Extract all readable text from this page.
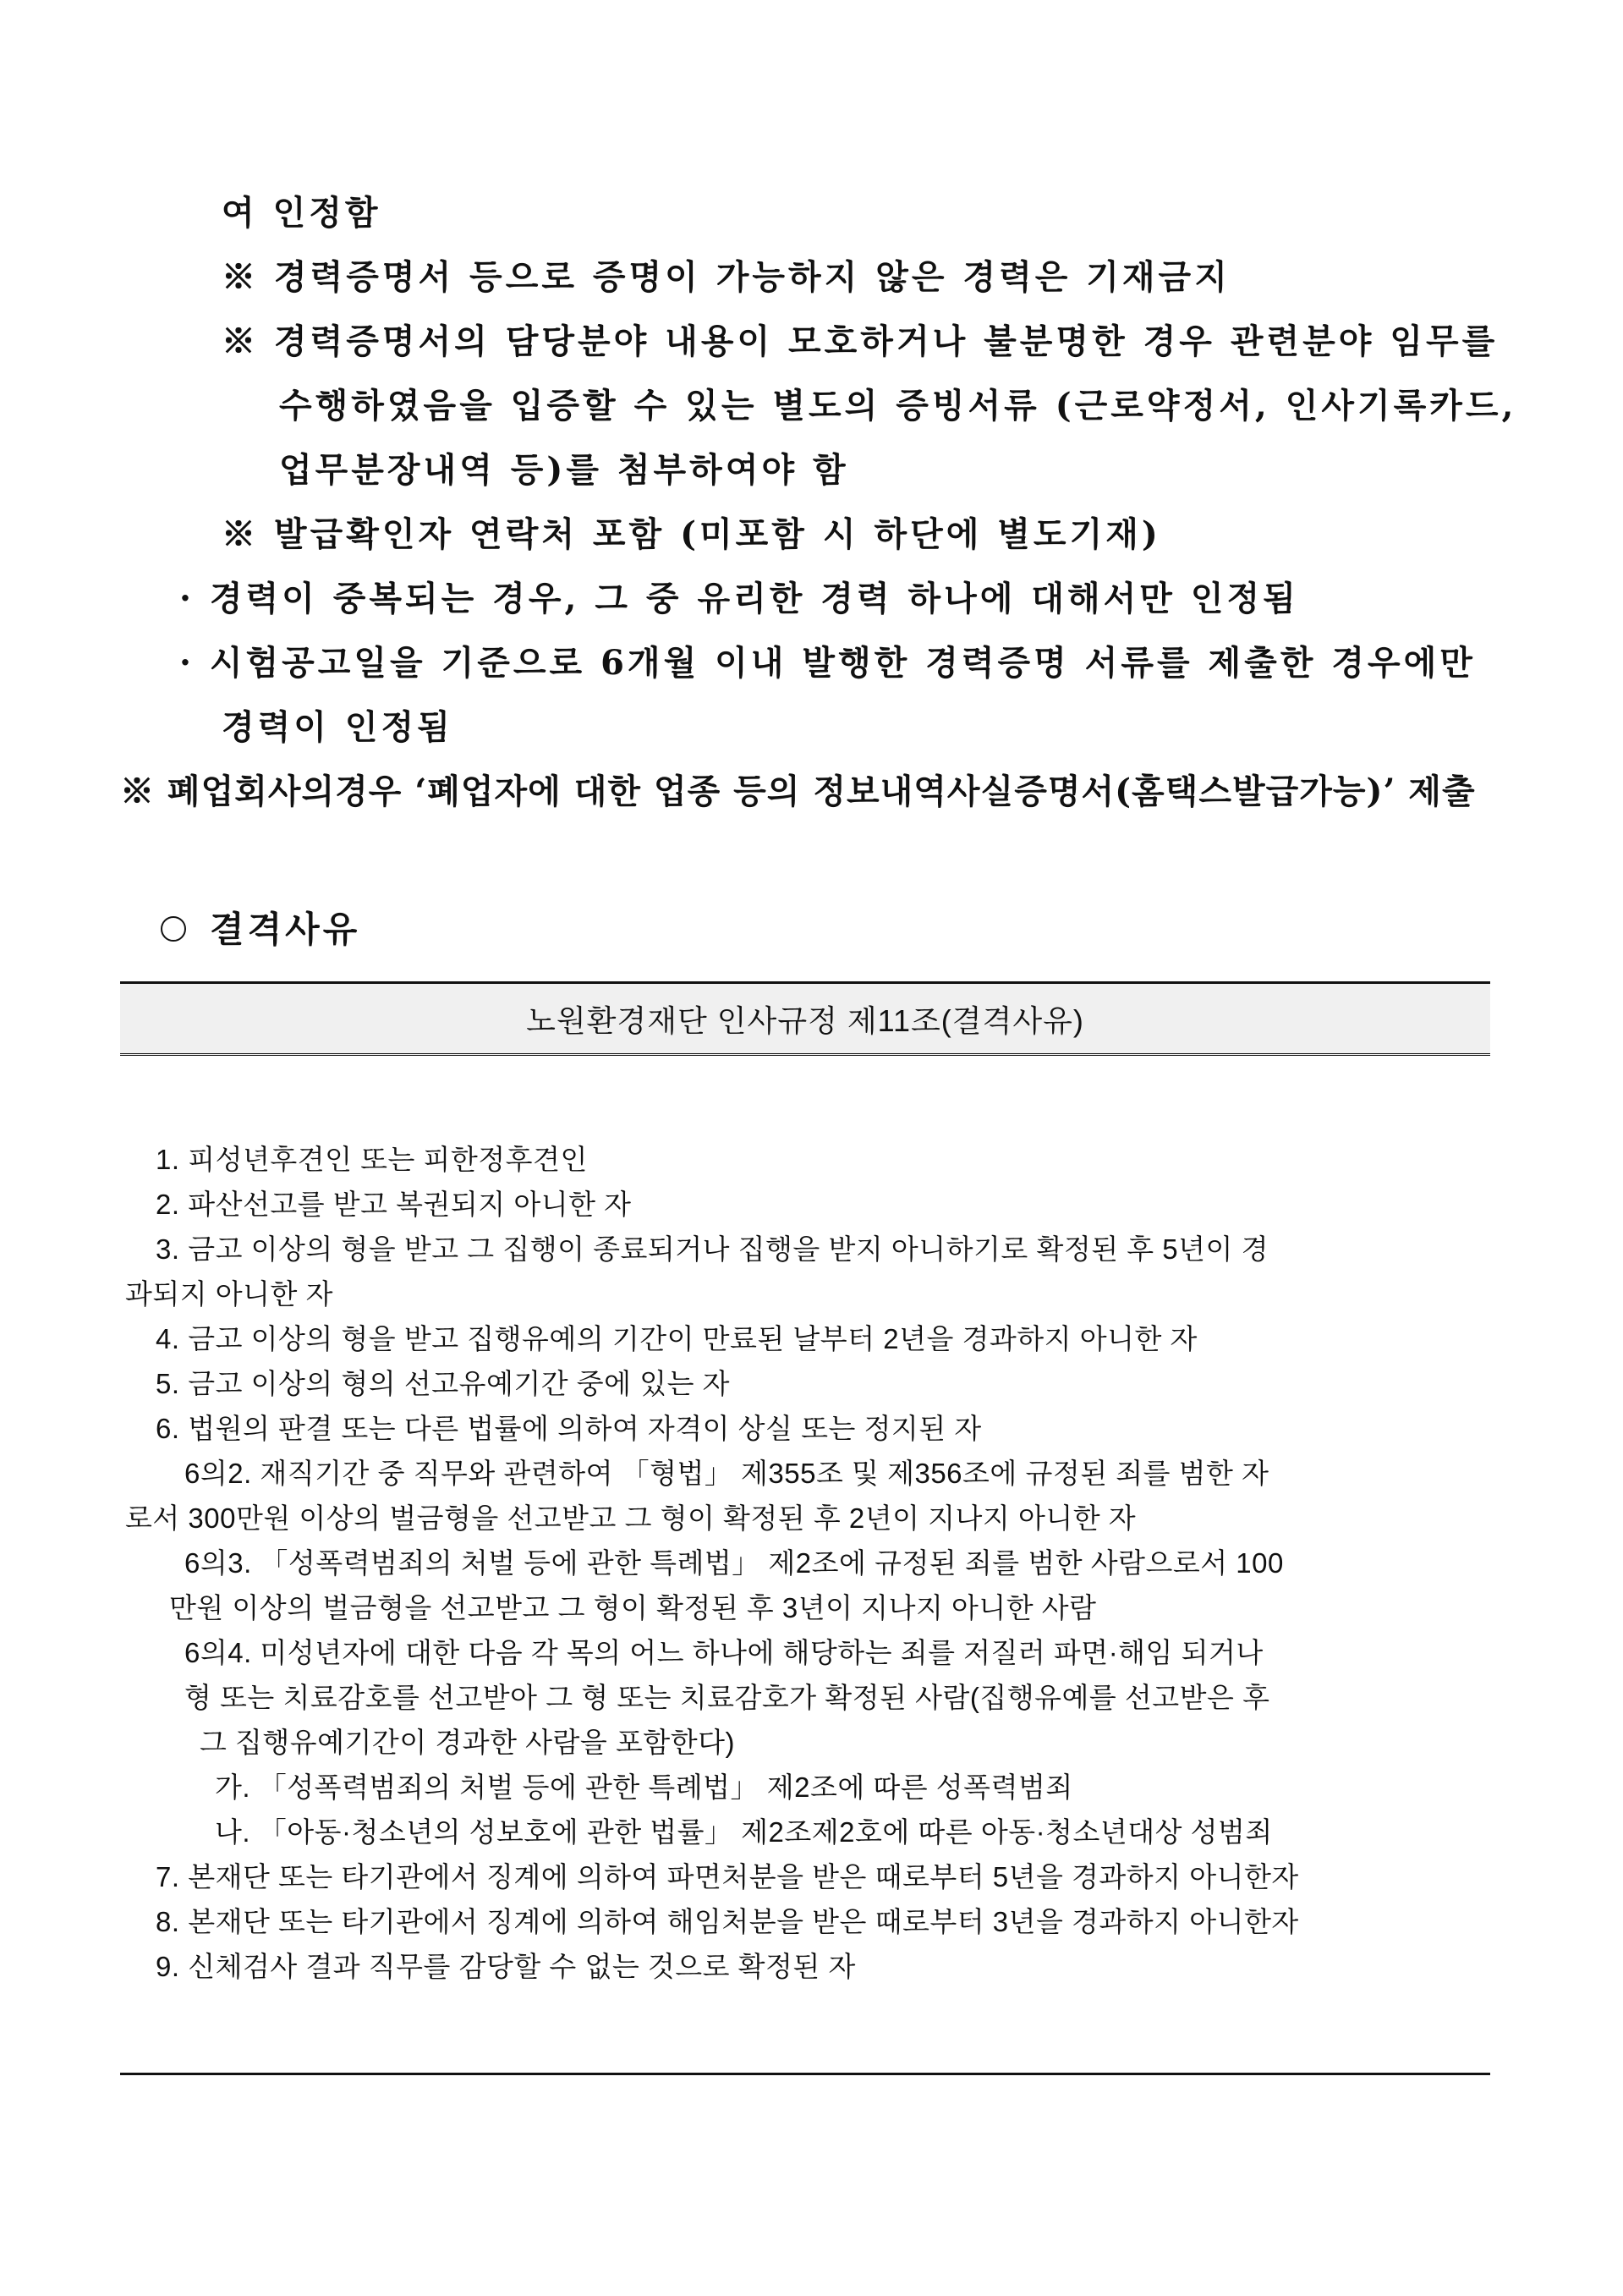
여 인정함
※ 경력증명서 등으로 증명이 가능하지 않은 경력은 기재금지
※ 경력증명서의 담당분야 내용이 모호하거나 불분명한 경우 관련분야 임무를
수행하였음을 입증할 수 있는 별도의 증빙서류 (근로약정서, 인사기록카드,
업무분장내역 등)를 첨부하여야 함
※ 발급확인자 연락처 포함 (미포함 시 하단에 별도기재)
· 경력이 중복되는 경우, 그 중 유리한 경력 하나에 대해서만 인정됨
· 시험공고일을 기준으로 6개월 이내 발행한 경력증명 서류를 제출한 경우에만
경력이 인정됨
※ 폐업회사의경우 ‘폐업자에 대한 업종 등의 정보내역사실증명서(홈택스발급가능)’ 제출
결격사유
노원환경재단 인사규정 제11조(결격사유)
1. 피성년후견인 또는 피한정후견인
2. 파산선고를 받고 복권되지 아니한 자
3. 금고 이상의 형을 받고 그 집행이 종료되거나 집행을 받지 아니하기로 확정된 후 5년이 경
과되지 아니한 자
4. 금고 이상의 형을 받고 집행유예의 기간이 만료된 날부터 2년을 경과하지 아니한 자
5. 금고 이상의 형의 선고유예기간 중에 있는 자
6. 법원의 판결 또는 다른 법률에 의하여 자격이 상실 또는 정지된 자
6의2. 재직기간 중 직무와 관련하여 「형법」 제355조 및 제356조에 규정된 죄를 범한 자
로서 300만원 이상의 벌금형을 선고받고 그 형이 확정된 후 2년이 지나지 아니한 자
6의3. 「성폭력범죄의 처벌 등에 관한 특례법」 제2조에 규정된 죄를 범한 사람으로서 100
만원 이상의 벌금형을 선고받고 그 형이 확정된 후 3년이 지나지 아니한 사람
6의4. 미성년자에 대한 다음 각 목의 어느 하나에 해당하는 죄를 저질러 파면·해임 되거나
형 또는 치료감호를 선고받아 그 형 또는 치료감호가 확정된 사람(집행유예를 선고받은 후
그 집행유예기간이 경과한 사람을 포함한다)
가. 「성폭력범죄의 처벌 등에 관한 특례법」 제2조에 따른 성폭력범죄
나. 「아동·청소년의 성보호에 관한 법률」 제2조제2호에 따른 아동·청소년대상 성범죄
7. 본재단 또는 타기관에서 징계에 의하여 파면처분을 받은 때로부터 5년을 경과하지 아니한자
8. 본재단 또는 타기관에서 징계에 의하여 해임처분을 받은 때로부터 3년을 경과하지 아니한자
9. 신체검사 결과 직무를 감당할 수 없는 것으로 확정된 자
